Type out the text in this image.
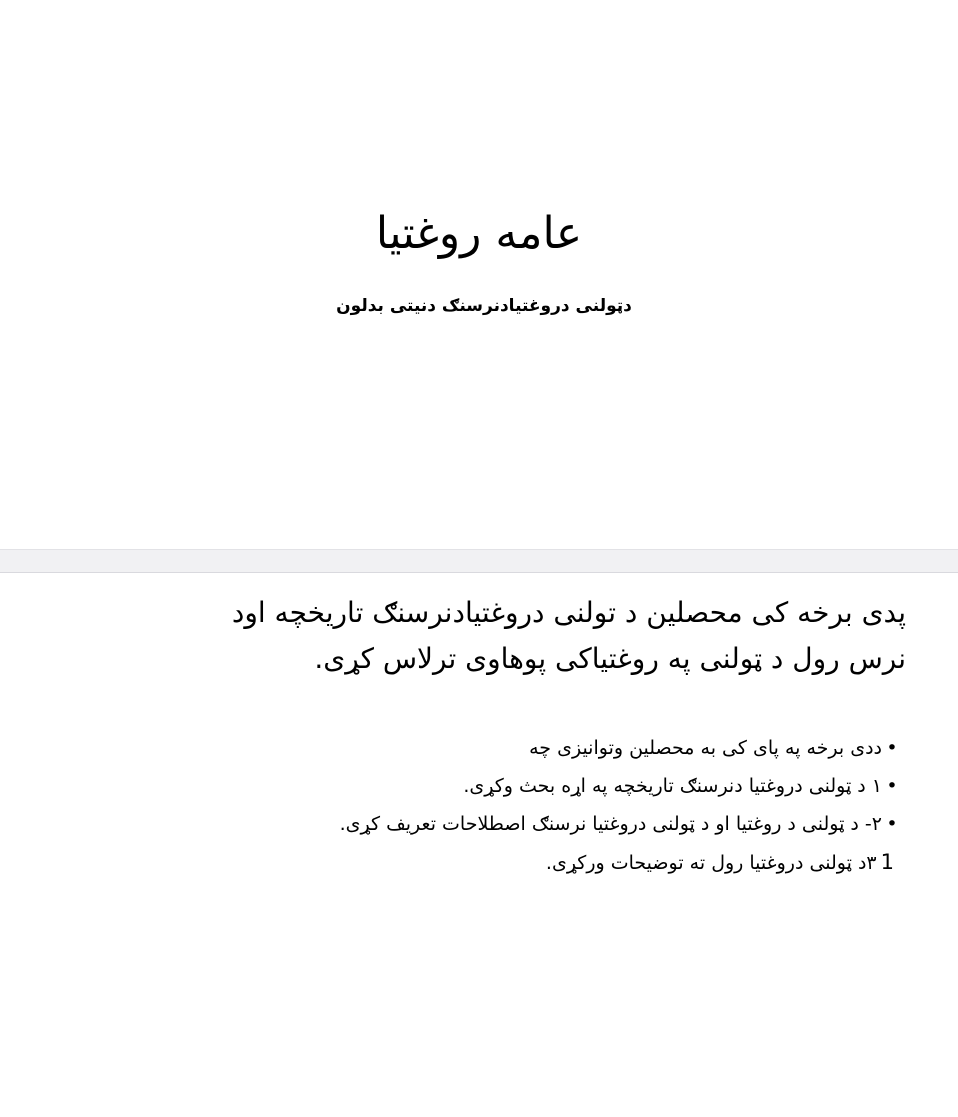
عامه روغتیا
دټولنی دروغتیادنرسنګ دنیتی بدلون
پدی برخه کی محصلین د تولنی دروغتیادنرسنګ تاریخچه اود
نرس رول د ټولنی په روغتیاکی پوهاوی ترلاس کړی.
•ددی برخه په پای کی به محصلین وتوانیزی چه
•۱ د ټولنی دروغتیا دنرسنګ تاریخچه په اړه بحث وکړی.
•۲- د ټولنی د روغتیا او د ټولنی دروغتیا نرسنګ اصطلاحات تعریف کړی.
1۳د ټولنی دروغتیا رول ته توضیحات ورکړی.
